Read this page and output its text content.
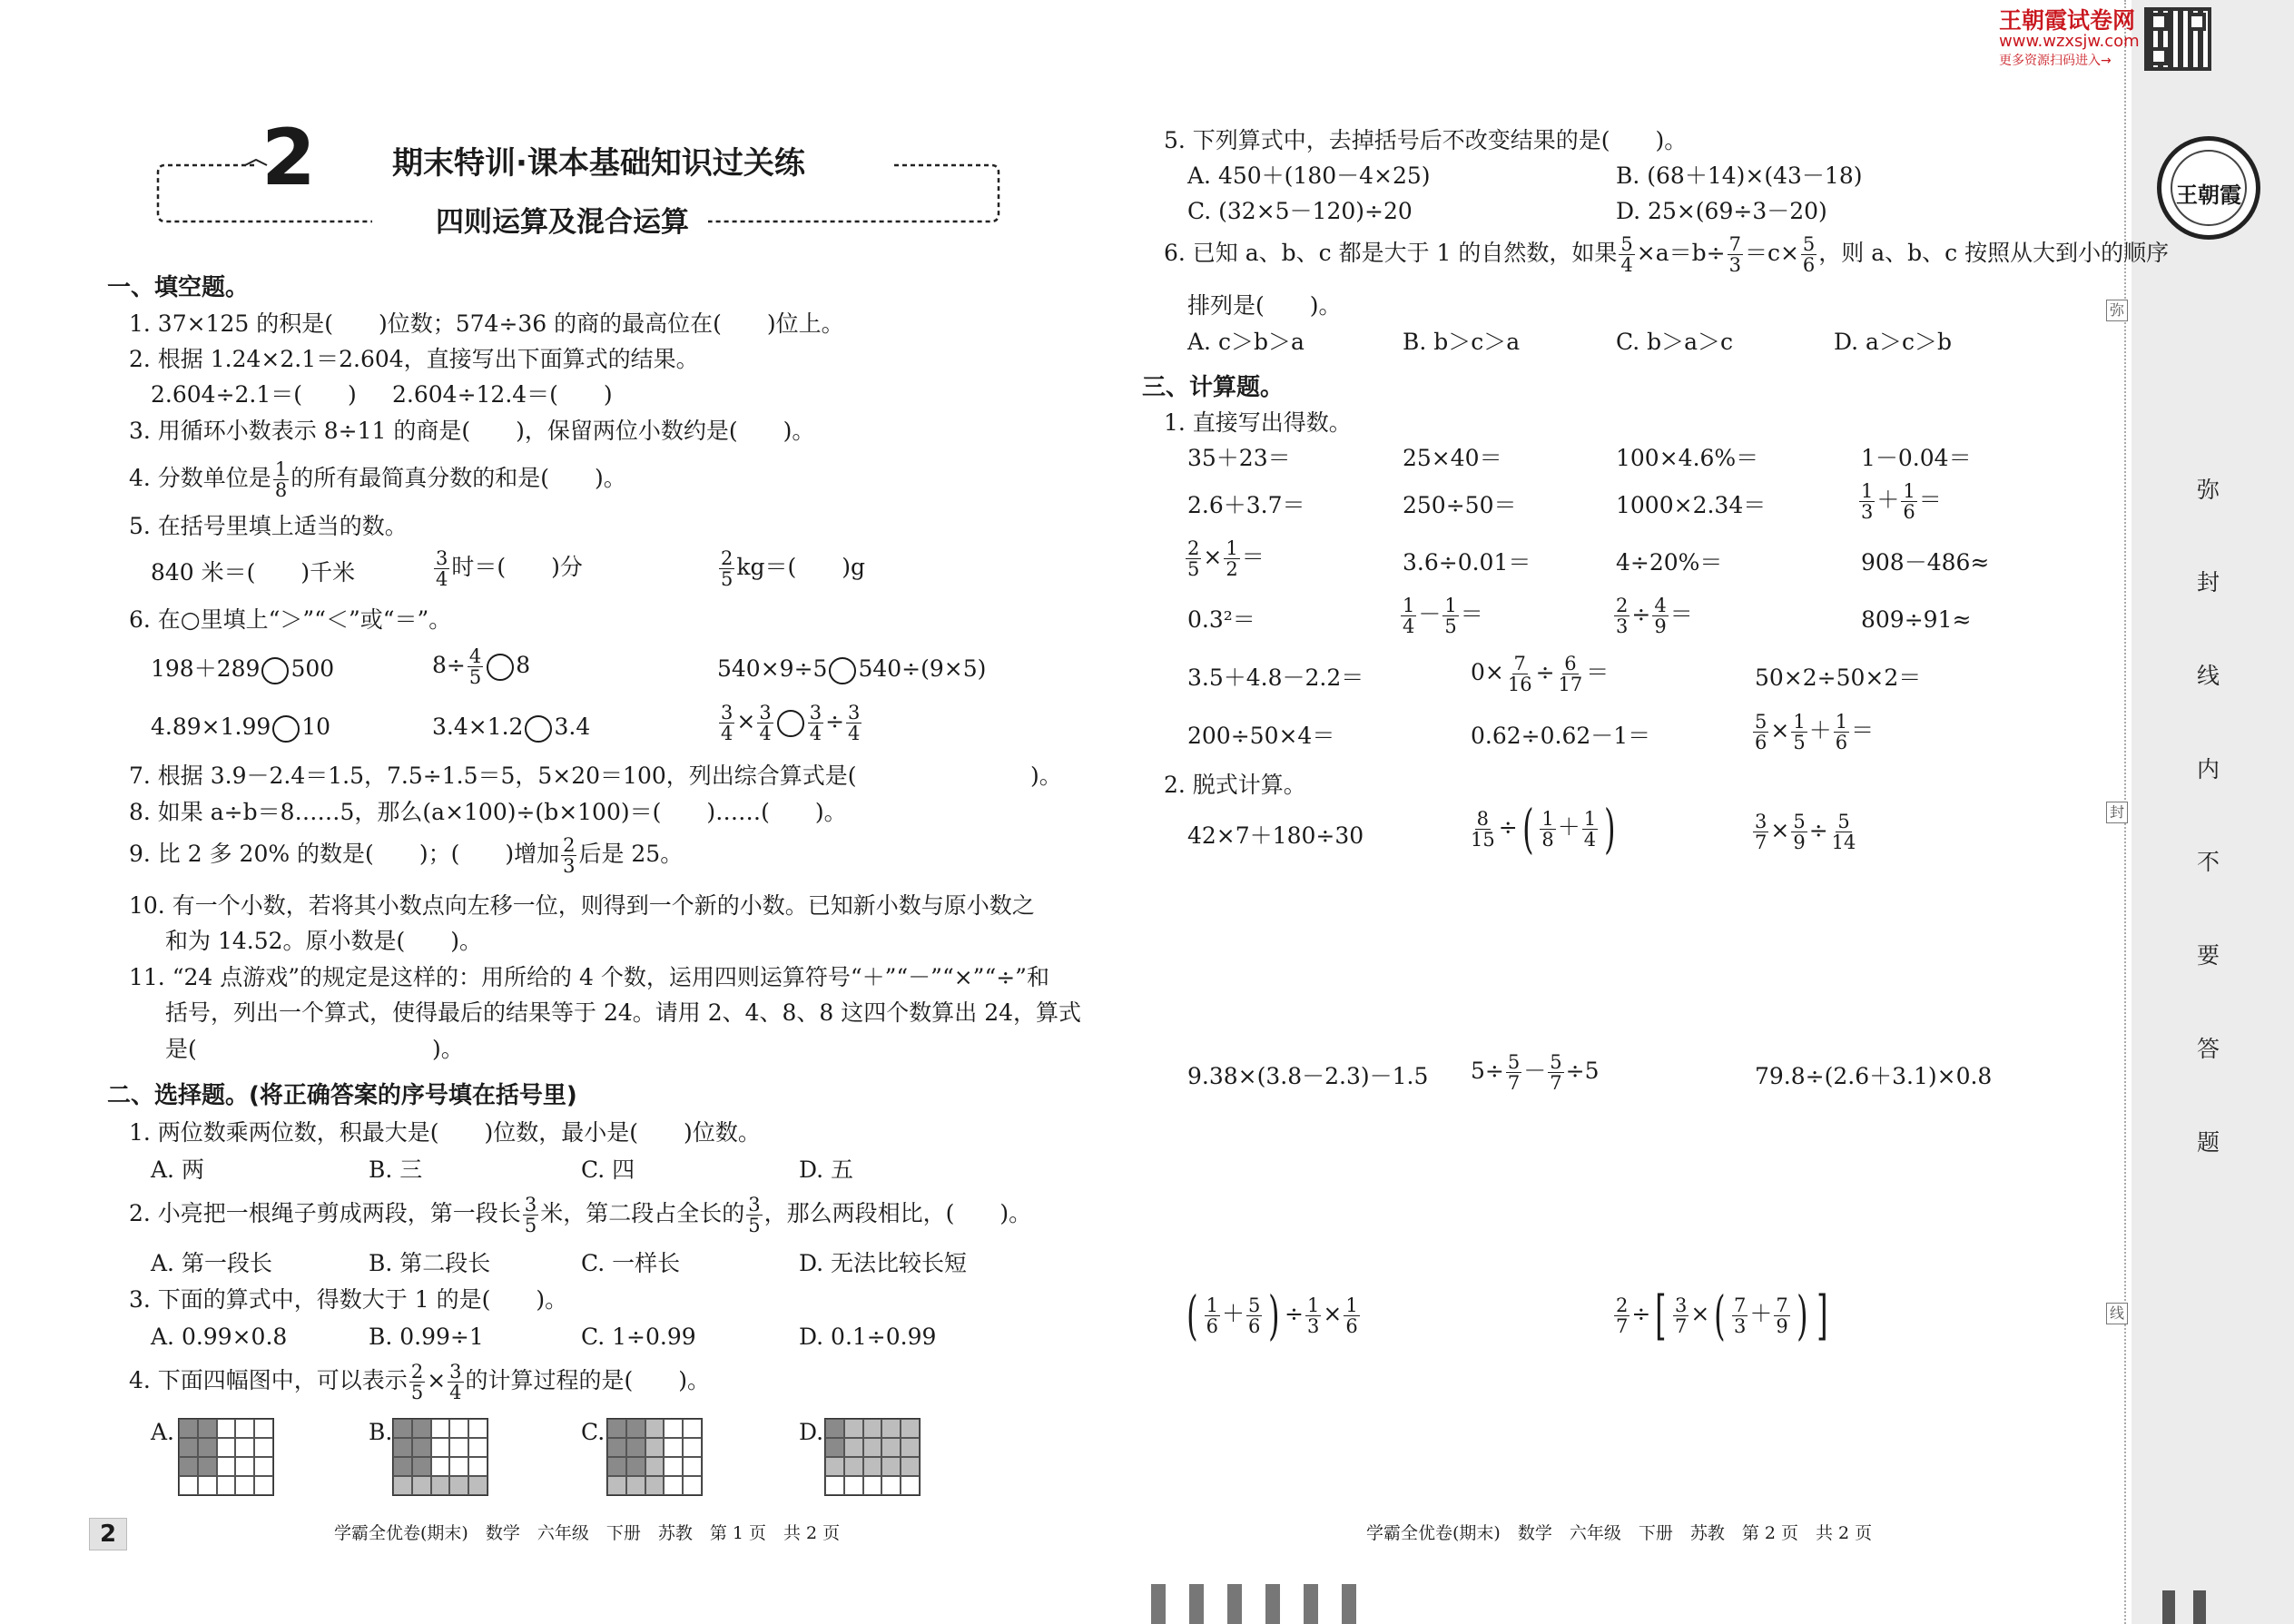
王朝霞
弥
封
线
内
不
要
答
题
弥
封
线
王朝霞试卷网
www.wzxsjw.com
更多资源扫码进入→
2 期末特训·课本基础知识过关练
四则运算及混合运算
一、填空题。
1. 37×125 的积是(　　)位数；574÷36 的商的最高位在(　　)位上。
2. 根据 1.24×2.1＝2.604，直接写出下面算式的结果。
2.604÷2.1＝(　　) 2.604÷12.4＝(　　)
3. 用循环小数表示 8÷11 的商是(　　)，保留两位小数约是(　　)。
4. 分数单位是 $\frac{1}{8}$ 的所有最简真分数的和是(　　)。
5. 在括号里填上适当的数。
840 米＝(　　)千米	$\frac{3}{4}$ 时＝(　　)分	$\frac{2}{5} kg=$(　　)g
6. 在○里填上“＞”“＜”或“＝”。
198＋289 500	$8\div \frac{4}{5} 8$	540×9÷5 540÷(9×5)
4.89×1.99 10	3.4×1.2 3.4	$\frac{3}{4} \times \frac{3}{4} \frac{3}{4} \div \frac{3}{4}$
7. 根据 3.9－2.4＝1.5，7.5÷1.5＝5，5×20＝100，列出综合算式是(	)。
8. 如果 a÷b＝8……5，那么(a×100)÷(b×100)＝(　　)……(　　)。
9. 比 2 多 20% 的数是(　　)；(　　)增加 $\frac{2}{3}$ 后是 25。
10. 有一个小数，若将其小数点向左移一位，则得到一个新的小数。已知新小数与原小数之
和为 14.52。原小数是(　　)。
11. “24 点游戏”的规定是这样的：用所给的 4 个数，运用四则运算符号“＋”“－”“×”“÷”和
括号，列出一个算式，使得最后的结果等于 24。请用 2、4、8、8 这四个数算出 24，算式
是(	)。
二、选择题。(将正确答案的序号填在括号里)
1. 两位数乘两位数，积最大是(　　)位数，最小是(　　)位数。
A. 两	B. 三	C. 四	D. 五
2. 小亮把一根绳子剪成两段，第一段长 $\frac{3}{5}$ 米，第二段占全长的 $\frac{3}{5}$ ，那么两段相比，(　　)。
A. 第一段长	B. 第二段长	C. 一样长	D. 无法比较长短
3. 下面的算式中，得数大于 1 的是(　　)。
A. 0.99×0.8	B. 0.99÷1	C. 1÷0.99	D. 0.1÷0.99
4. 下面四幅图中，可以表示 $\frac{2}{5} \times \frac{3}{4}$ 的计算过程的是(　　)。
A.	B.	C.	D.
5. 下列算式中，去掉括号后不改变结果的是(　　)。
A. 450＋(180－4×25)	B. (68＋14)×(43－18)
C. (32×5－120)÷20	D. 25×(69÷3－20)
6. 已知 a、b、c 都是大于 1 的自然数，如果 $\frac{5}{4} \times a=b\div \frac{7}{3} =c\times \frac{5}{6}$ ，则 a、b、c 按照从大到小的顺序
排列是(　　)。
A. c＞b＞a	B. b＞c＞a	C. b＞a＞c	D. a＞c＞b
三、计算题。
1. 直接写出得数。
35＋23＝	25×40＝	100×4.6%＝	1－0.04＝
2.6＋3.7＝	250÷50＝	1000×2.34＝	$\frac{1}{3} + \frac{1}{6}$ ＝
$\frac{2}{5} \times \frac{1}{2}$ ＝	3.6÷0.01＝	4÷20%＝	908－486≈
0.3²＝	$\frac{1}{4} - \frac{1}{5}$ ＝	$\frac{2}{3} \div \frac{4}{9}$ ＝	809÷91≈
3.5＋4.8－2.2＝	$0\times \frac{7}{16} \div \frac{6}{17}$ ＝	50×2÷50×2＝
200÷50×4＝	0.62÷0.62－1＝	$\frac{5}{6} \times \frac{1}{5} + \frac{1}{6}$ ＝
2. 脱式计算。
42×7＋180÷30	$\frac{8}{15}$ ÷( $\frac{1}{8} + \frac{1}{4}$ )	$\frac{3}{7} \times \frac{5}{9} \div \frac{5}{14}$
9.38×(3.8－2.3)－1.5 $5\div \frac{5}{7} - \frac{5}{7} \div 5$	79.8÷(2.6＋3.1)×0.8
( $\frac{1}{6} + \frac{5}{6}$ ) ÷ $\frac{1}{3} \times \frac{1}{6}$	$\frac{2}{7}$ ÷[ $\frac{3}{7}$ ×( $\frac{7}{3} + \frac{7}{9}$ ) ]
2	学霸全优卷(期末)　数学　六年级　下册　苏教　第 1 页　共 2 页	学霸全优卷(期末)　数学　六年级　下册　苏教　第 2 页　共 2 页
